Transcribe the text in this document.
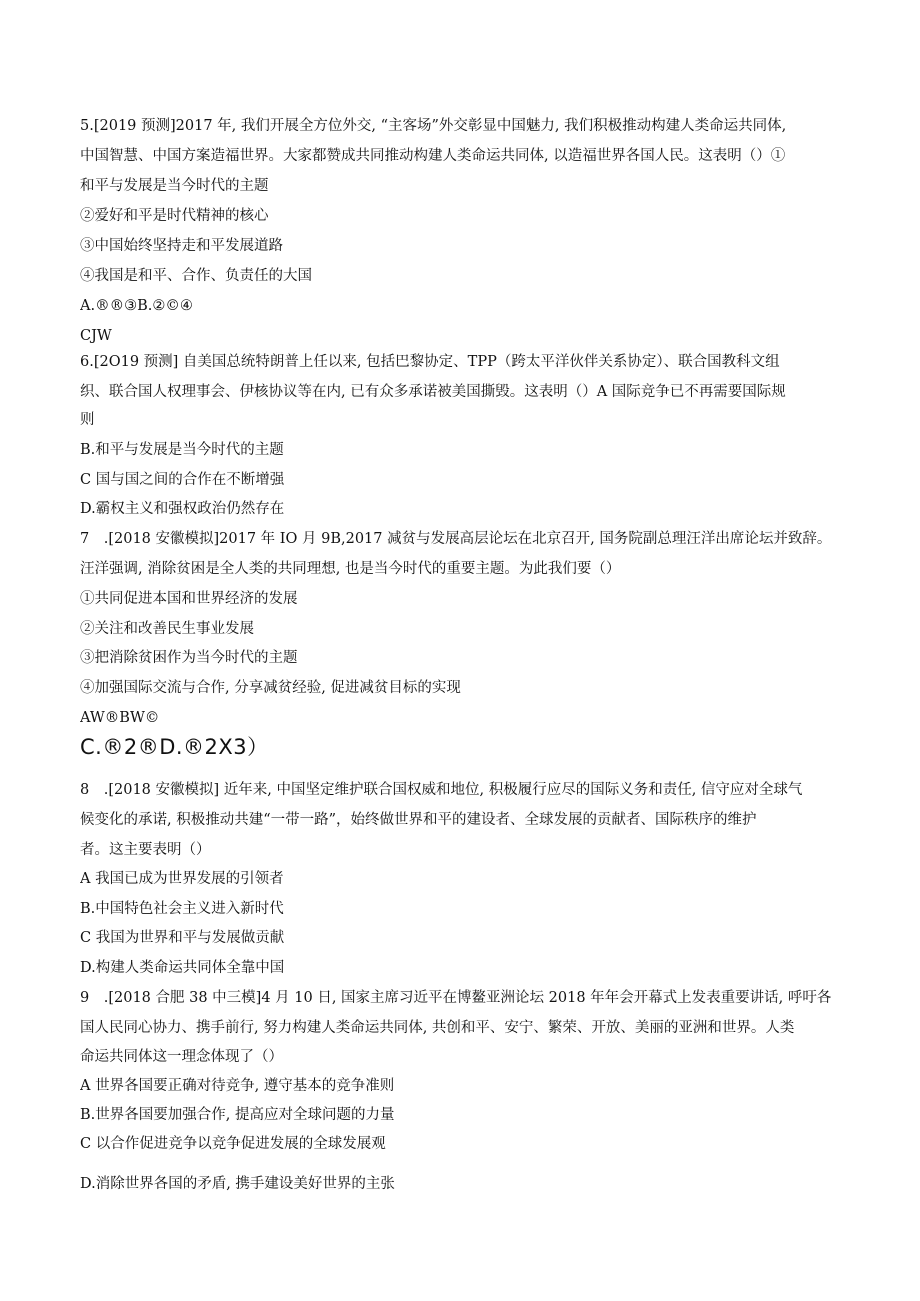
5.[2019 预测]2017 年, 我们开展全方位外交, “主客场”外交彰显中国魅力, 我们积极推动构建人类命运共同体,
中国智慧、中国方案造福世界。大家都赞成共同推动构建人类命运共同体, 以造福世界各国人民。这表明（）①
和平与发展是当今时代的主题
②爱好和平是时代精神的核心
③中国始终坚持走和平发展道路
④我国是和平、合作、负责任的大国
A.®®③B.②©④
CJW
6.[2O19 预测] 自美国总统特朗普上任以来, 包括巴黎协定、TPP（跨太平洋伙伴关系协定）、联合国教科文组
织、联合国人权理事会、伊核协议等在内, 已有众多承诺被美国撕毁。这表明（）A 国际竞争已不再需要国际规
则
B.和平与发展是当今时代的主题
C 国与国之间的合作在不断增强
D.霸权主义和强权政治仍然存在
7　.[2018 安徽模拟]2017 年 IO 月 9B,2017 减贫与发展高层论坛在北京召开, 国务院副总理汪洋出席论坛并致辞。
汪洋强调, 消除贫困是全人类的共同理想, 也是当今时代的重要主题。为此我们要（）
①共同促进本国和世界经济的发展
②关注和改善民生事业发展
③把消除贫困作为当今时代的主题
④加强国际交流与合作, 分享减贫经验, 促进减贫目标的实现
AW®BW©
C.®2®D.®2X3）
8　.[2018 安徽模拟] 近年来, 中国坚定维护联合国权威和地位, 积极履行应尽的国际义务和责任, 信守应对全球气
候变化的承诺, 积极推动共建“一带一路”，始终做世界和平的建设者、全球发展的贡献者、国际秩序的维护
者。这主要表明（）
A 我国已成为世界发展的引领者
B.中国特色社会主义进入新时代
C 我国为世界和平与发展做贡献
D.构建人类命运共同体全靠中国
9　.[2018 合肥 38 中三模]4 月 10 日, 国家主席习近平在博鳌亚洲论坛 2018 年年会开幕式上发表重要讲话, 呼吁各
国人民同心协力、携手前行, 努力构建人类命运共同体, 共创和平、安宁、繁荣、开放、美丽的亚洲和世界。人类
命运共同体这一理念体现了（）
A 世界各国要正确对待竞争, 遵守基本的竞争准则
B.世界各国要加强合作, 提高应对全球问题的力量
C 以合作促进竞争以竞争促进发展的全球发展观
D.消除世界各国的矛盾, 携手建设美好世界的主张
